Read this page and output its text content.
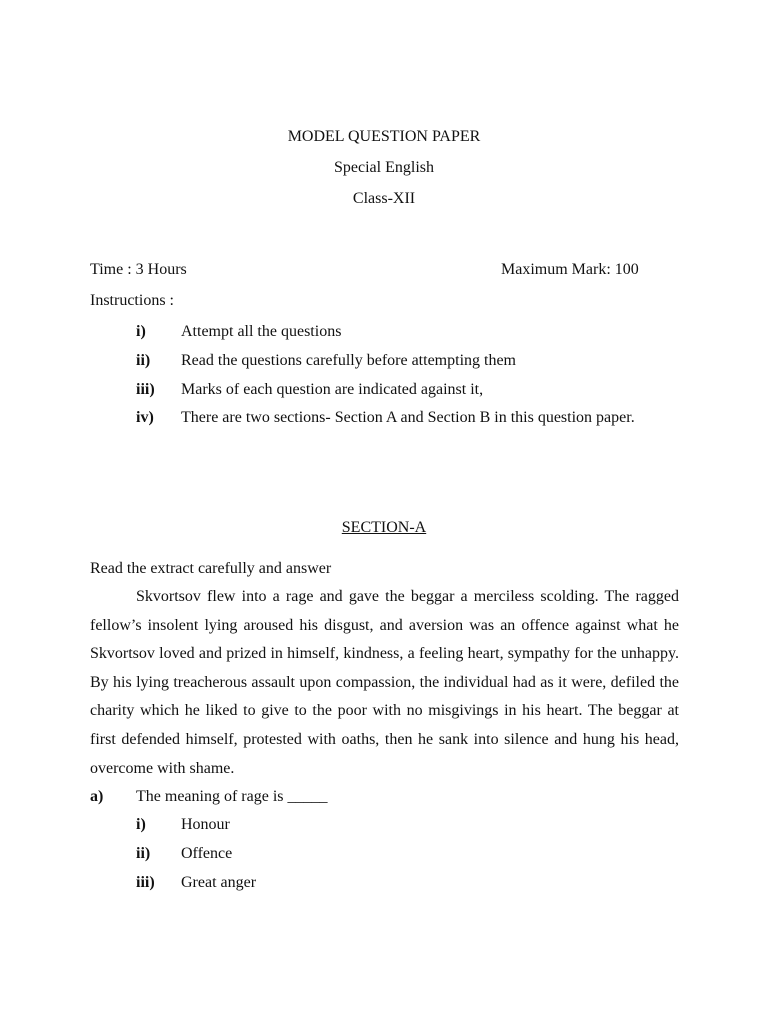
MODEL QUESTION PAPER
Special English
Class-XII
Time : 3 Hours	Maximum Mark: 100
Instructions :
i) Attempt all the questions
ii) Read the questions carefully before attempting them
iii) Marks of each question are indicated against it,
iv) There are two sections- Section A and Section B in this question paper.
SECTION-A
Read the extract carefully and answer
Skvortsov flew into a rage and gave the beggar a merciless scolding. The ragged fellow’s insolent lying aroused his disgust, and aversion was an offence against what he Skvortsov loved and prized in himself, kindness, a feeling heart, sympathy for the unhappy. By his lying treacherous assault upon compassion, the individual had as it were, defiled the charity which he liked to give to the poor with no misgivings in his heart. The beggar at first defended himself, protested with oaths, then he sank into silence and hung his head, overcome with shame.
a) The meaning of rage is _____
i) Honour
ii) Offence
iii) Great anger
